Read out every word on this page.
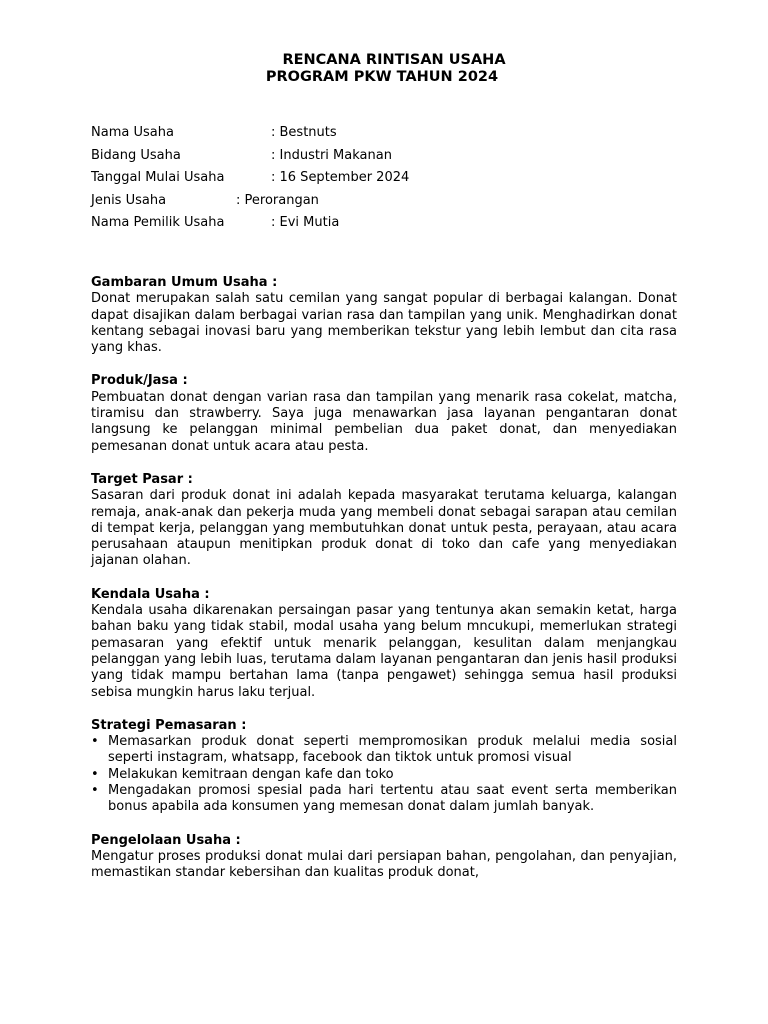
RENCANA RINTISAN USAHA
PROGRAM PKW TAHUN 2024
Nama Usaha	: Bestnuts
Bidang Usaha	: Industri Makanan
Tanggal Mulai Usaha	: 16 September 2024
Jenis Usaha	: Perorangan
Nama Pemilik Usaha	: Evi Mutia
Gambaran Umum Usaha :

Donat merupakan salah satu cemilan yang sangat popular di berbagai kalangan. Donat dapat disajikan dalam berbagai varian rasa dan tampilan yang unik. Menghadirkan donat kentang sebagai inovasi baru yang memberikan tekstur yang lebih lembut dan cita rasa yang khas.

Produk/Jasa :

Pembuatan donat dengan varian rasa dan tampilan yang menarik rasa cokelat, matcha, tiramisu dan strawberry. Saya juga menawarkan jasa layanan pengantaran donat langsung ke pelanggan minimal pembelian dua paket donat, dan menyediakan pemesanan donat untuk acara atau pesta.

Target Pasar :

Sasaran dari produk donat ini adalah kepada masyarakat terutama keluarga, kalangan remaja, anak-anak dan pekerja muda yang membeli donat sebagai sarapan atau cemilan di tempat kerja, pelanggan yang membutuhkan donat untuk pesta, perayaan, atau acara perusahaan ataupun menitipkan produk donat di toko dan cafe yang menyediakan jajanan olahan.

Kendala Usaha :

Kendala usaha dikarenakan persaingan pasar yang tentunya akan semakin ketat, harga bahan baku yang tidak stabil, modal usaha yang belum mncukupi, memerlukan strategi pemasaran yang efektif untuk menarik pelanggan, kesulitan dalam menjangkau pelanggan yang lebih luas, terutama dalam layanan pengantaran dan jenis hasil produksi yang tidak mampu bertahan lama (tanpa pengawet) sehingga semua hasil produksi sebisa mungkin harus laku terjual.

Strategi Pemasaran :
• Memasarkan produk donat seperti mempromosikan produk melalui media sosial seperti instagram, whatsapp, facebook dan tiktok untuk promosi visual
• Melakukan kemitraan dengan kafe dan toko
• Mengadakan promosi spesial pada hari tertentu atau saat event serta memberikan bonus apabila ada konsumen yang memesan donat dalam jumlah banyak.
Pengelolaan Usaha :

Mengatur proses produksi donat mulai dari persiapan bahan, pengolahan, dan penyajian, memastikan standar kebersihan dan kualitas produk donat,
